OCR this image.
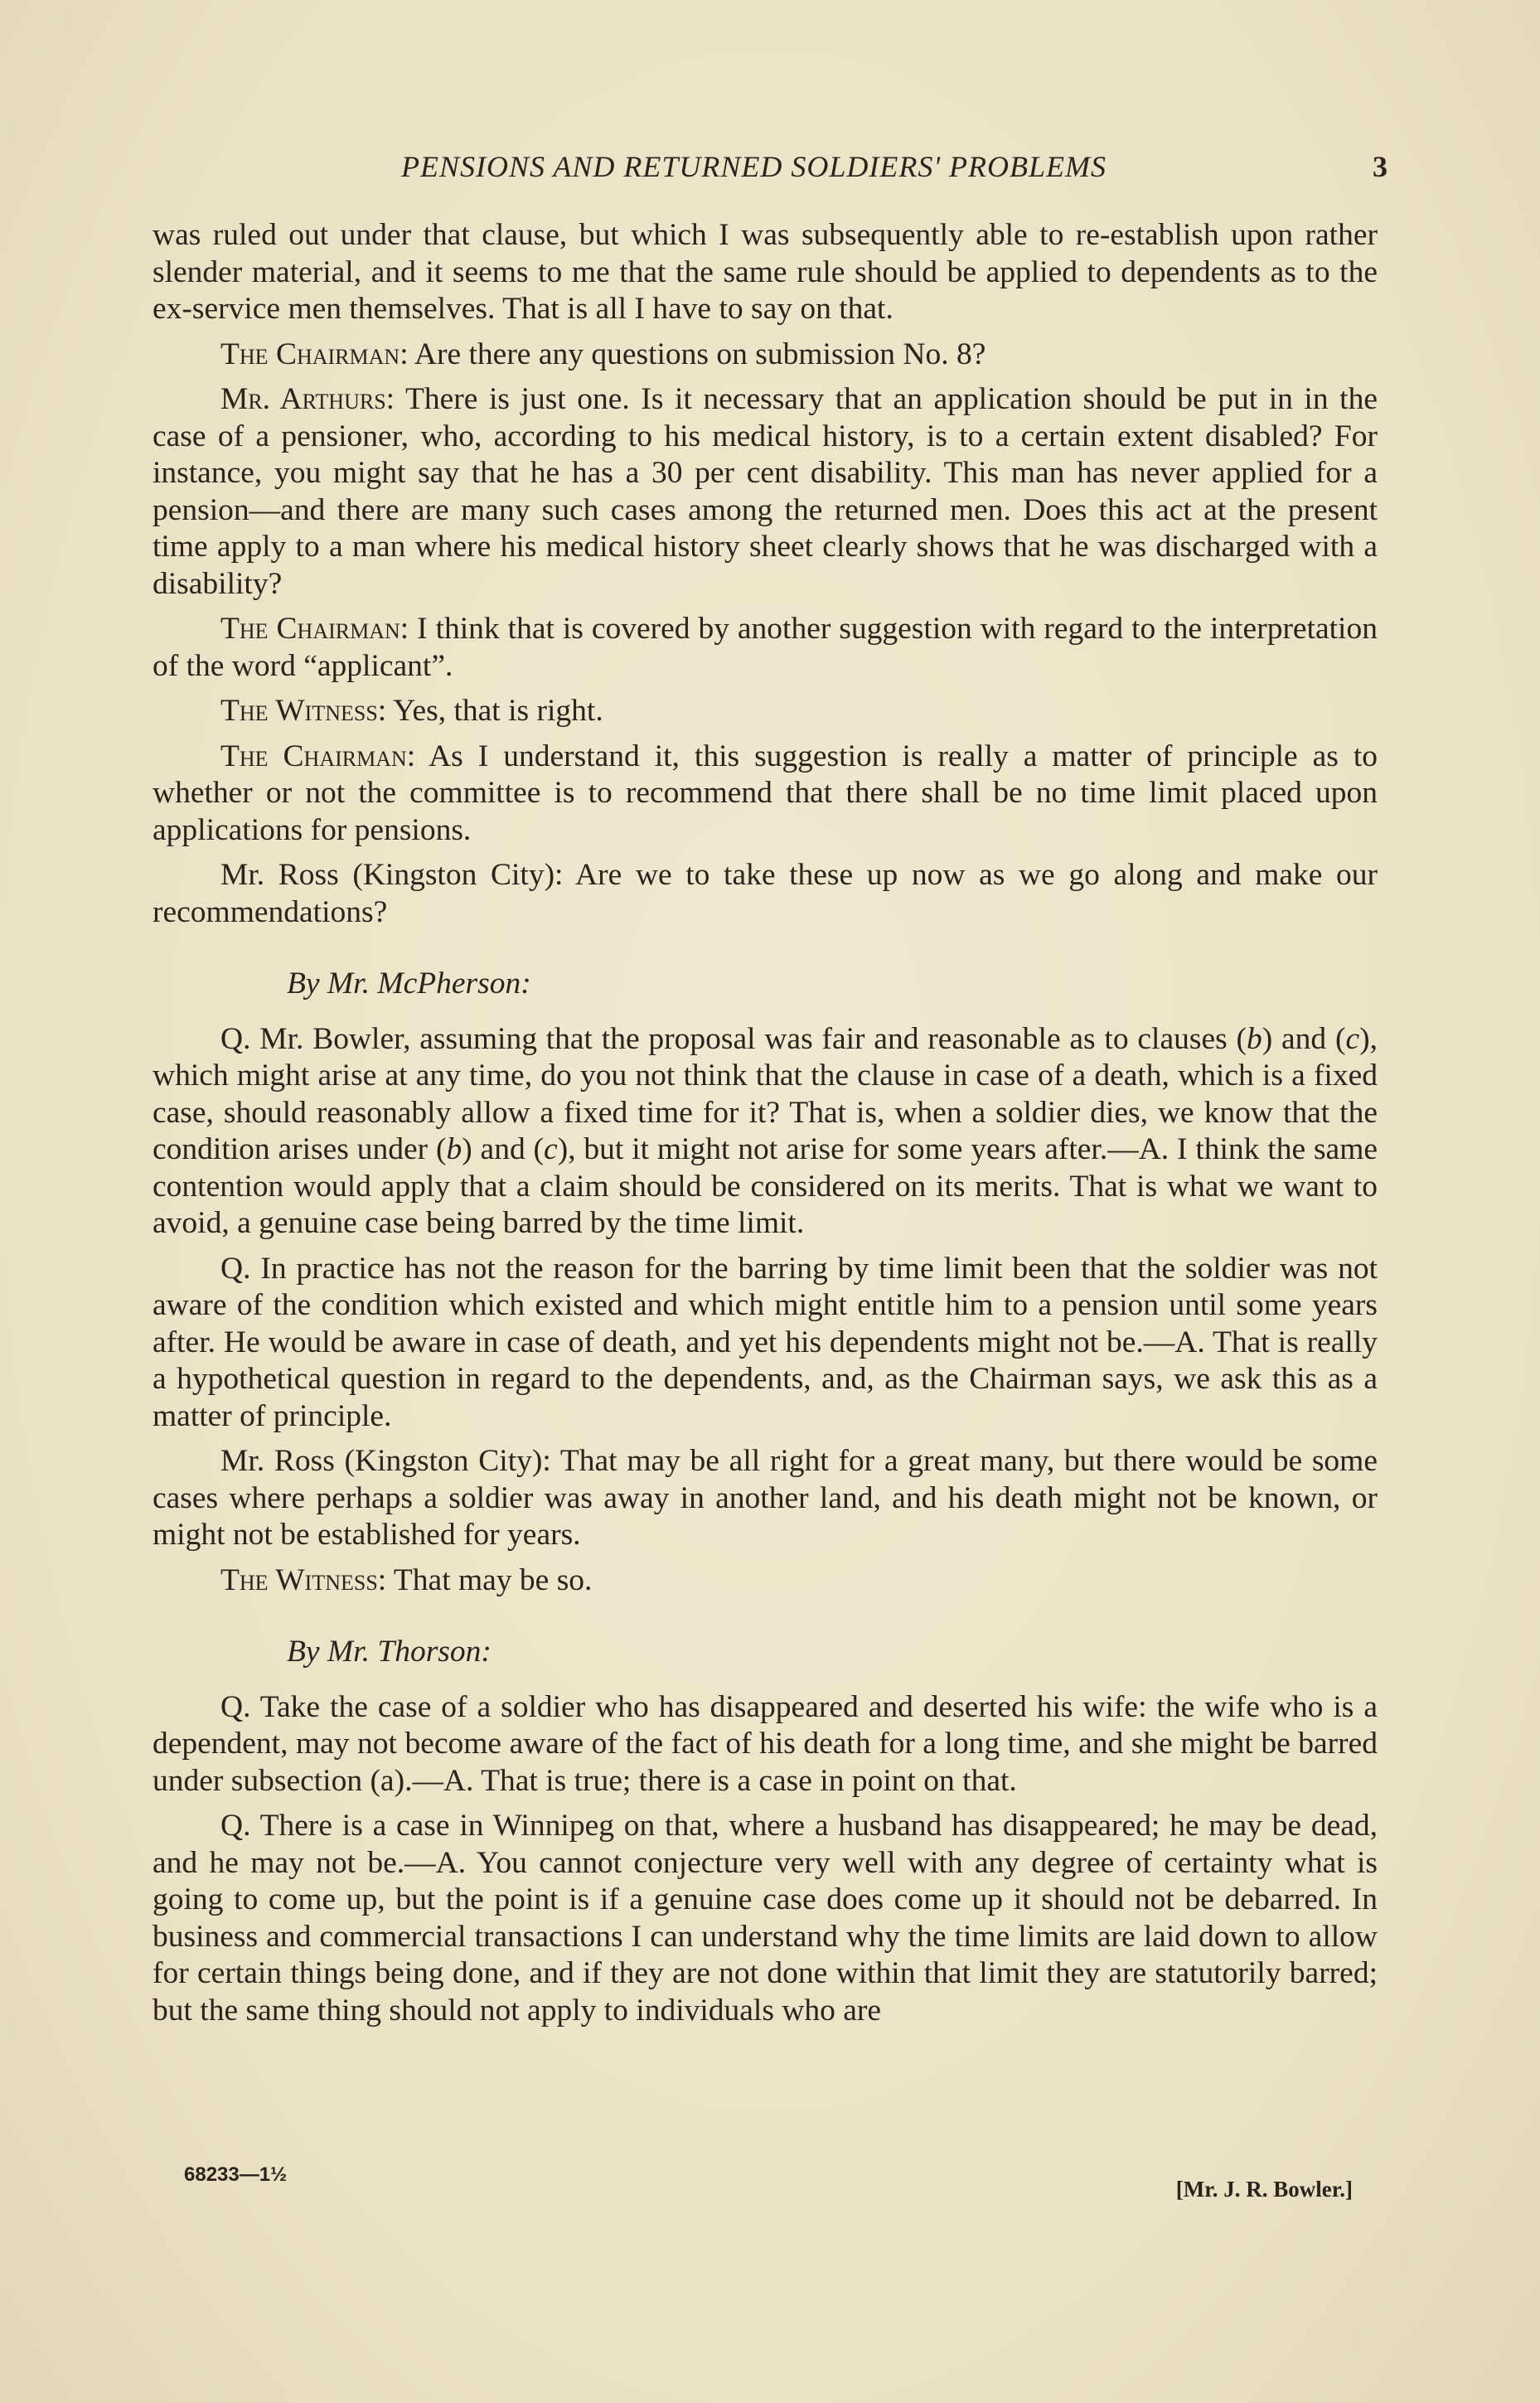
PENSIONS AND RETURNED SOLDIERS' PROBLEMS	3

was ruled out under that clause, but which I was subsequently able to re-establish upon rather slender material, and it seems to me that the same rule should be applied to dependents as to the ex-service men themselves. That is all I have to say on that.

The Chairman: Are there any questions on submission No. 8?

Mr. Arthurs: There is just one. Is it necessary that an application should be put in in the case of a pensioner, who, according to his medical history, is to a certain extent disabled? For instance, you might say that he has a 30 per cent disability. This man has never applied for a pension—and there are many such cases among the returned men. Does this act at the present time apply to a man where his medical history sheet clearly shows that he was discharged with a disability?

The Chairman: I think that is covered by another suggestion with regard to the interpretation of the word “applicant”.

The Witness: Yes, that is right.

The Chairman: As I understand it, this suggestion is really a matter of principle as to whether or not the committee is to recommend that there shall be no time limit placed upon applications for pensions.

Mr. Ross (Kingston City): Are we to take these up now as we go along and make our recommendations?

By Mr. McPherson:

Q. Mr. Bowler, assuming that the proposal was fair and reasonable as to clauses (b) and (c), which might arise at any time, do you not think that the clause in case of a death, which is a fixed case, should reasonably allow a fixed time for it? That is, when a soldier dies, we know that the condition arises under (b) and (c), but it might not arise for some years after.—A. I think the same contention would apply that a claim should be considered on its merits. That is what we want to avoid, a genuine case being barred by the time limit.

Q. In practice has not the reason for the barring by time limit been that the soldier was not aware of the condition which existed and which might entitle him to a pension until some years after. He would be aware in case of death, and yet his dependents might not be.—A. That is really a hypothetical question in regard to the dependents, and, as the Chairman says, we ask this as a matter of principle.

Mr. Ross (Kingston City): That may be all right for a great many, but there would be some cases where perhaps a soldier was away in another land, and his death might not be known, or might not be established for years.

The Witness: That may be so.

By Mr. Thorson:

Q. Take the case of a soldier who has disappeared and deserted his wife: the wife who is a dependent, may not become aware of the fact of his death for a long time, and she might be barred under subsection (a).—A. That is true; there is a case in point on that.

Q. There is a case in Winnipeg on that, where a husband has disappeared; he may be dead, and he may not be.—A. You cannot conjecture very well with any degree of certainty what is going to come up, but the point is if a genuine case does come up it should not be debarred. In business and commercial transactions I can understand why the time limits are laid down to allow for certain things being done, and if they are not done within that limit they are statutorily barred; but the same thing should not apply to individuals who are

68233—1½
[Mr. J. R. Bowler.]
